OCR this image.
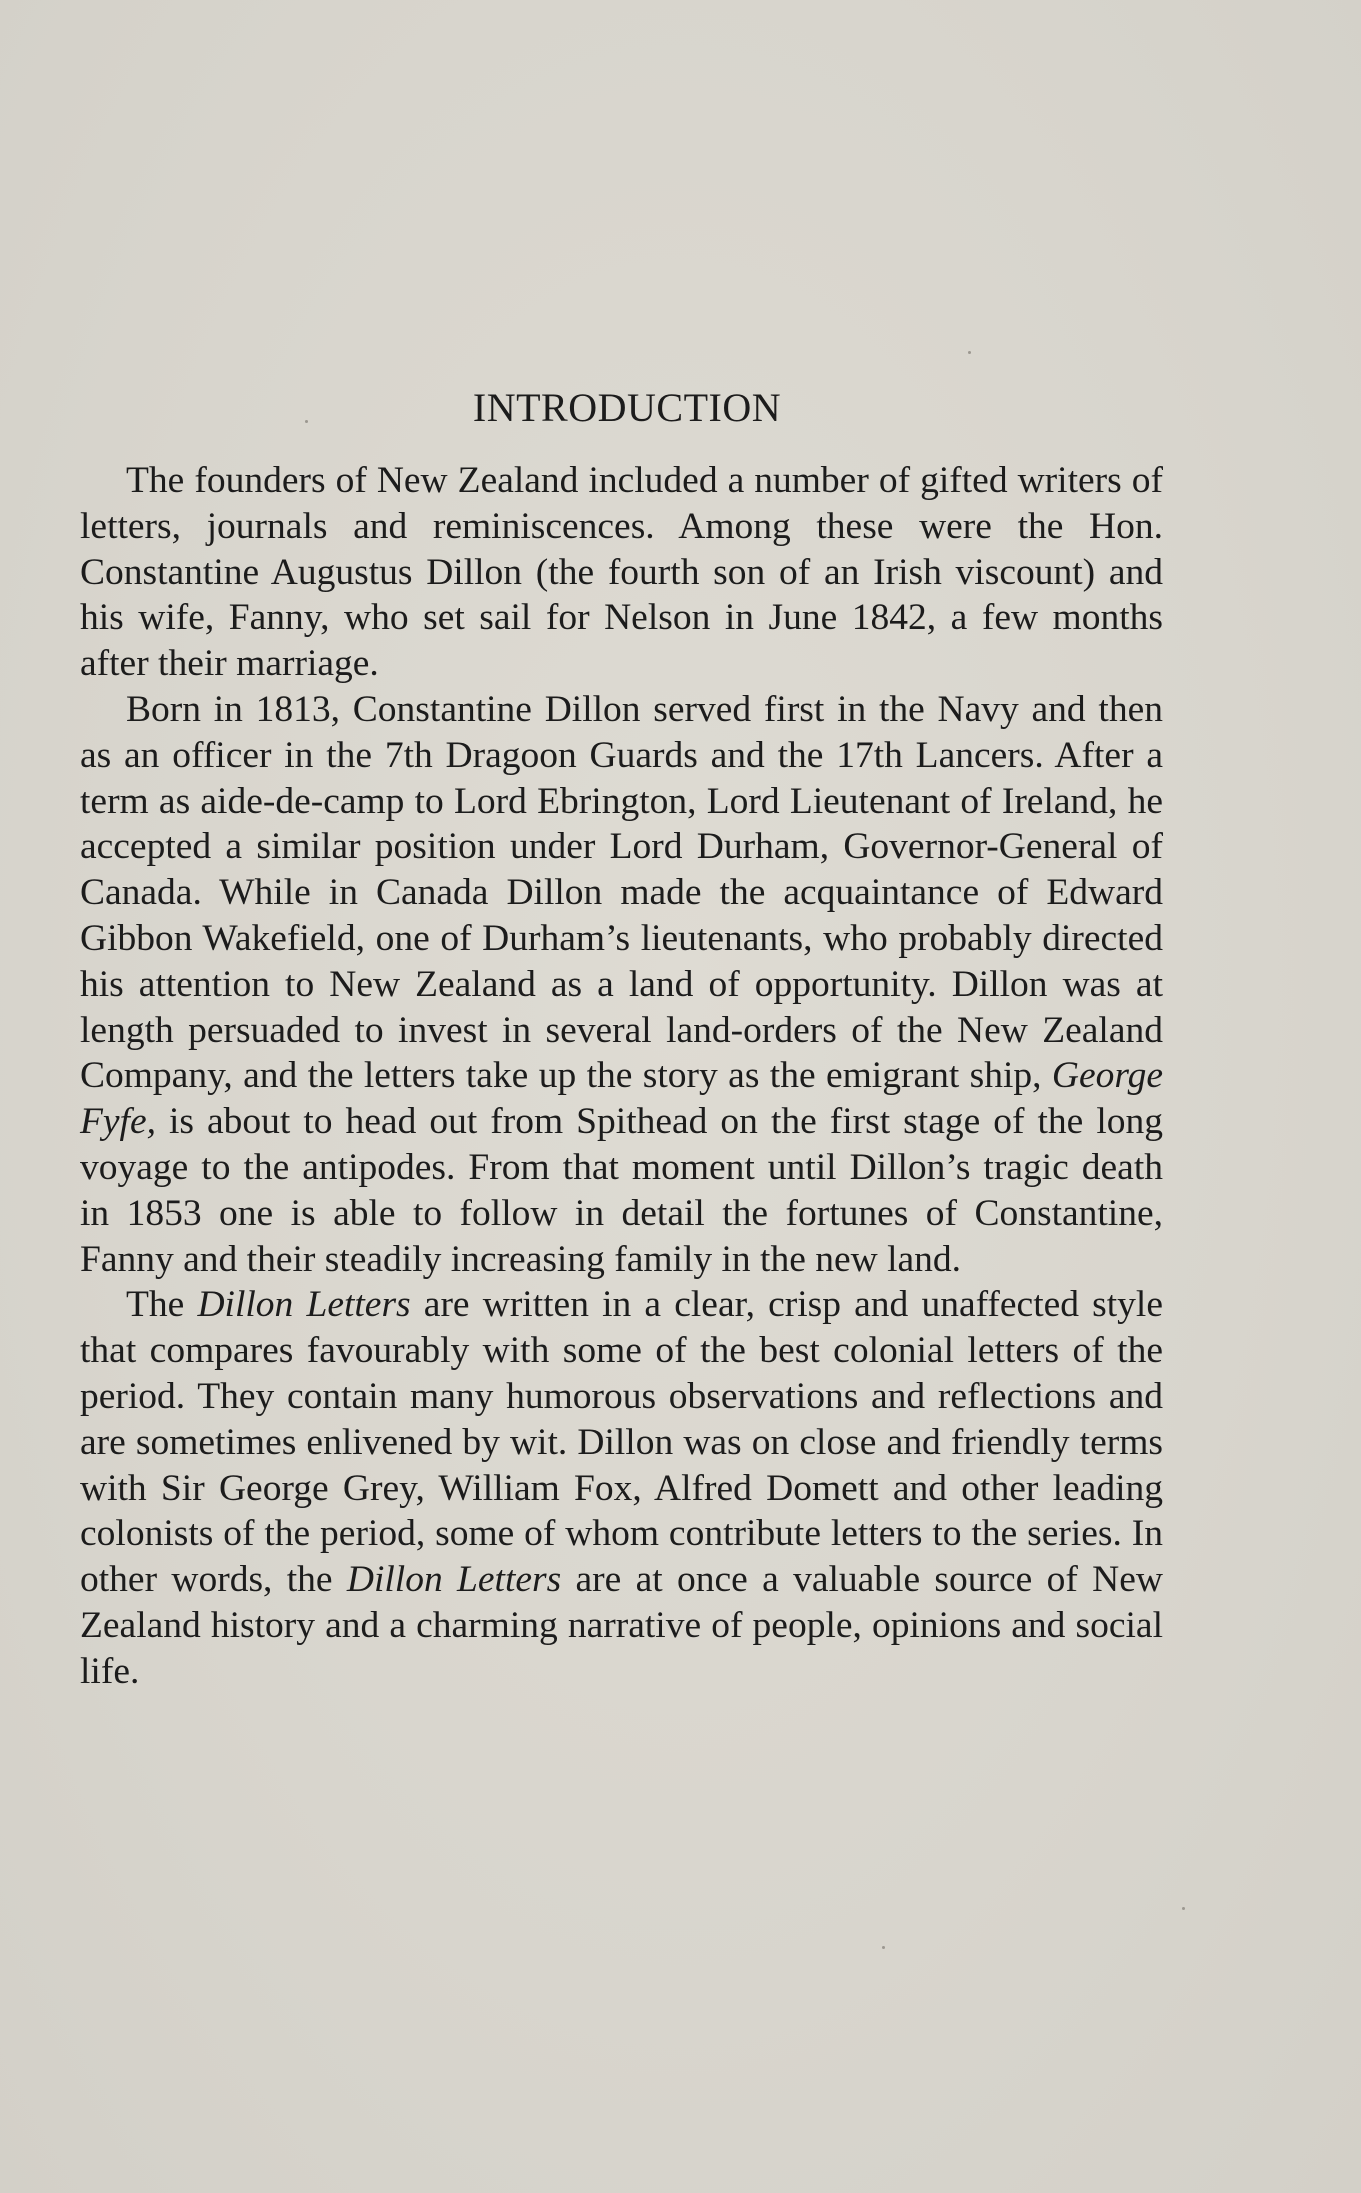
INTRODUCTION

The founders of New Zealand included a number of gifted writers of letters, journals and reminiscences. Among these were the Hon. Constantine Augustus Dillon (the fourth son of an Irish viscount) and his wife, Fanny, who set sail for Nelson in June 1842, a few months after their marriage.

Born in 1813, Constantine Dillon served first in the Navy and then as an officer in the 7th Dragoon Guards and the 17th Lancers. After a term as aide-de-camp to Lord Ebrington, Lord Lieutenant of Ireland, he accepted a similar position under Lord Durham, Governor-General of Canada. While in Canada Dillon made the acquaintance of Edward Gibbon Wakefield, one of Durham’s lieutenants, who probably directed his attention to New Zealand as a land of opportunity. Dillon was at length persuaded to invest in several land-orders of the New Zealand Company, and the letters take up the story as the emigrant ship, George Fyfe, is about to head out from Spithead on the first stage of the long voyage to the antipodes. From that moment until Dillon’s tragic death in 1853 one is able to follow in detail the fortunes of Constantine, Fanny and their steadily increasing family in the new land.

The Dillon Letters are written in a clear, crisp and unaffected style that compares favourably with some of the best colonial letters of the period. They contain many humorous observations and reflections and are sometimes enlivened by wit. Dillon was on close and friendly terms with Sir George Grey, William Fox, Alfred Domett and other leading colonists of the period, some of whom contribute letters to the series. In other words, the Dillon Letters are at once a valuable source of New Zealand history and a charming narrative of people, opinions and social life.
